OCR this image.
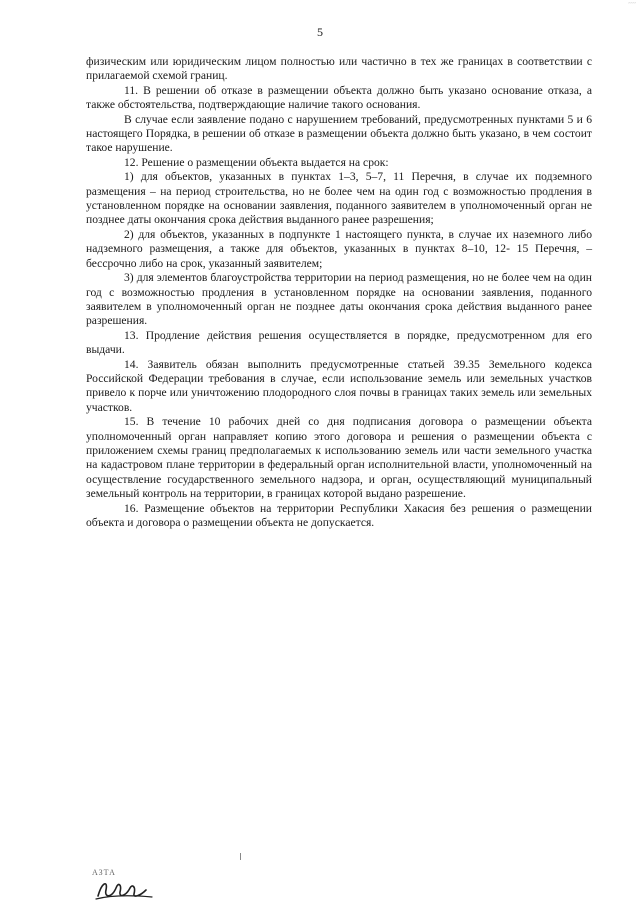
ʼʼʼʼ
5

физическим или юридическим лицом полностью или частично в тех же границах в соответствии с прилагаемой схемой границ.

11. В решении об отказе в размещении объекта должно быть указано основание отказа, а также обстоятельства, подтверждающие наличие такого основания.

В случае если заявление подано с нарушением требований, предусмотренных пунктами 5 и 6 настоящего Порядка, в решении об отказе в размещении объекта должно быть указано, в чем состоит такое нарушение.

12. Решение о размещении объекта выдается на срок:

1) для объектов, указанных в пунктах 1–3, 5–7, 11 Перечня, в случае их подземного размещения – на период строительства, но не более чем на один год с возможностью продления в установленном порядке на основании заявления, поданного заявителем в уполномоченный орган не позднее даты окончания срока действия выданного ранее разрешения;

2) для объектов, указанных в подпункте 1 настоящего пункта, в случае их наземного либо надземного размещения, а также для объектов, указанных в пунктах 8–10, 12- 15 Перечня, – бессрочно либо на срок, указанный заявителем;

3) для элементов благоустройства территории на период размещения, но не более чем на один год с возможностью продления в установленном порядке на основании заявления, поданного заявителем в уполномоченный орган не позднее даты окончания срока действия выданного ранее разрешения.

13. Продление действия решения осуществляется в порядке, предусмотренном для его выдачи.

14. Заявитель обязан выполнить предусмотренные статьей 39.35 Земельного кодекса Российской Федерации требования в случае, если использование земель или земельных участков привело к порче или уничтожению плодородного слоя почвы в границах таких земель или земельных участков.

15. В течение 10 рабочих дней со дня подписания договора о размещении объекта уполномоченный орган направляет копию этого договора и решения о размещении объекта с приложением схемы границ предполагаемых к использованию земель или части земельного участка на кадастровом плане территории в федеральный орган исполнительной власти, уполномоченный на осуществление государственного земельного надзора, и орган, осуществляющий муниципальный земельный контроль на территории, в границах которой выдано разрешение.

16. Размещение объектов на территории Республики Хакасия без решения о размещении объекта и договора о размещении объекта не допускается.

АЗТА
